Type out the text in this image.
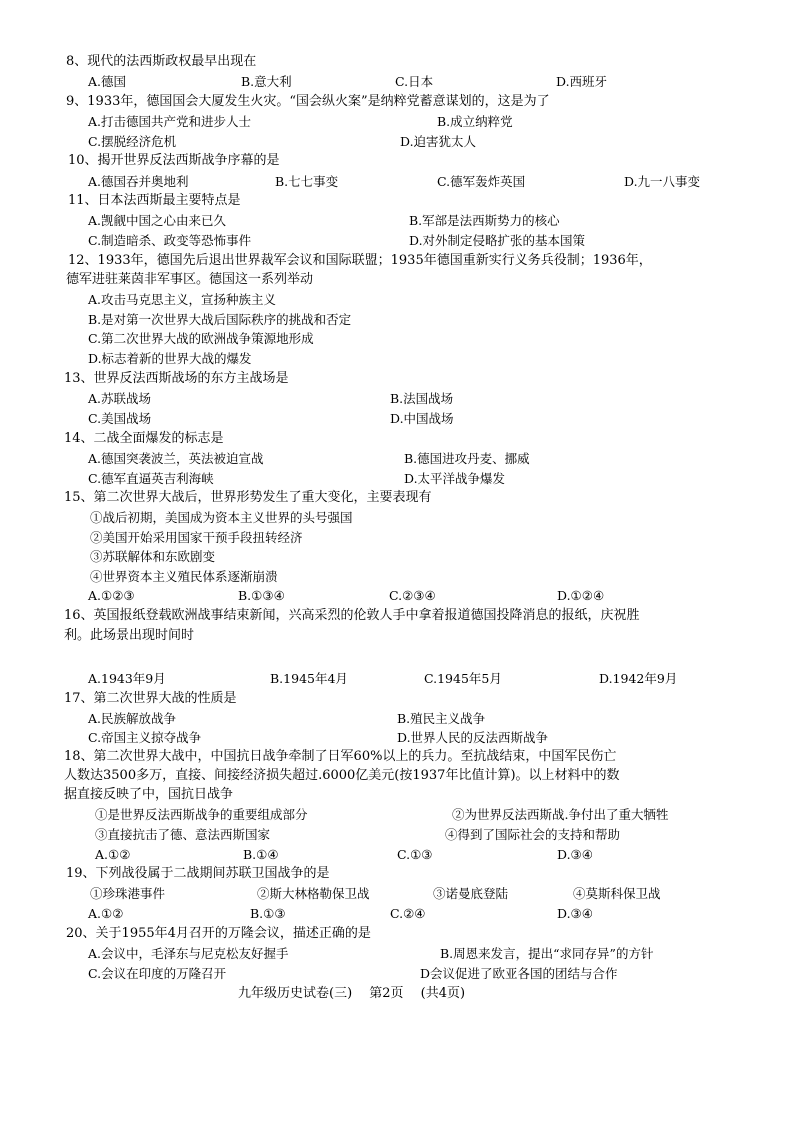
8、现代的法西斯政权最早出现在
A.德国	B.意大利	C.日本	D.西班牙
9、1933年，德国国会大厦发生火灾。“国会纵火案”是纳粹党蓄意谋划的，这是为了
A.打击德国共产党和进步人士	B.成立纳粹党
C.摆脱经济危机	D.迫害犹太人
10、揭开世界反法西斯战争序幕的是
A.德国吞并奥地利	B.七七事变	C.德军轰炸英国	D.九一八事变
11、日本法西斯最主要特点是
A.觊觎中国之心由来已久	B.军部是法西斯势力的核心
C.制造暗杀、政变等恐怖事件	D.对外制定侵略扩张的基本国策
12、1933年，德国先后退出世界裁军会议和国际联盟；1935年德国重新实行义务兵役制；1936年，
德军进驻莱茵非军事区。德国这一系列举动
A.攻击马克思主义，宣扬种族主义
B.是对第一次世界大战后国际秩序的挑战和否定
C.第二次世界大战的欧洲战争策源地形成
D.标志着新的世界大战的爆发
13、世界反法西斯战场的东方主战场是
A.苏联战场	B.法国战场
C.美国战场	D.中国战场
14、二战全面爆发的标志是
A.德国突袭波兰，英法被迫宣战	B.德国进攻丹麦、挪威
C.德军直逼英吉利海峡	D.太平洋战争爆发
15、第二次世界大战后，世界形势发生了重大变化，主要表现有
①战后初期，美国成为资本主义世界的头号强国
②美国开始采用国家干预手段扭转经济
③苏联解体和东欧剧变
④世界资本主义殖民体系逐渐崩溃
A.①②③	B.①③④	C.②③④	D.①②④
16、英国报纸登载欧洲战事结束新闻，兴高采烈的伦敦人手中拿着报道德国投降消息的报纸，庆祝胜
利。此场景出现时间时
A.1943年9月	B.1945年4月	C.1945年5月	D.1942年9月
17、第二次世界大战的性质是
A.民族解放战争	B.殖民主义战争
C.帝国主义掠夺战争	D.世界人民的反法西斯战争
18、第二次世界大战中，中国抗日战争牵制了日军60%以上的兵力。至抗战结束，中国军民伤亡
人数达3500多万，直接、间接经济损失超过.6000亿美元(按1937年比值计算)。以上材料中的数
据直接反映了中，国抗日战争
①是世界反法西斯战争的重要组成部分	②为世界反法西斯战.争付出了重大牺牲
③直接抗击了德、意法西斯国家	④得到了国际社会的支持和帮助
A.①②	B.①④	C.①③	D.③④
19、下列战役属于二战期间苏联卫国战争的是
①珍珠港事件	②斯大林格勒保卫战	③诺曼底登陆	④莫斯科保卫战
A.①②	B.①③	C.②④	D.③④
20、关于1955年4月召开的万隆会议，描述正确的是
A.会议中，毛泽东与尼克松友好握手	B.周恩来发言，提出“求同存异”的方针
C.会议在印度的万隆召开	D会议促进了欧亚各国的团结与合作
九年级历史试卷(三)　 第2页　 (共4页)
